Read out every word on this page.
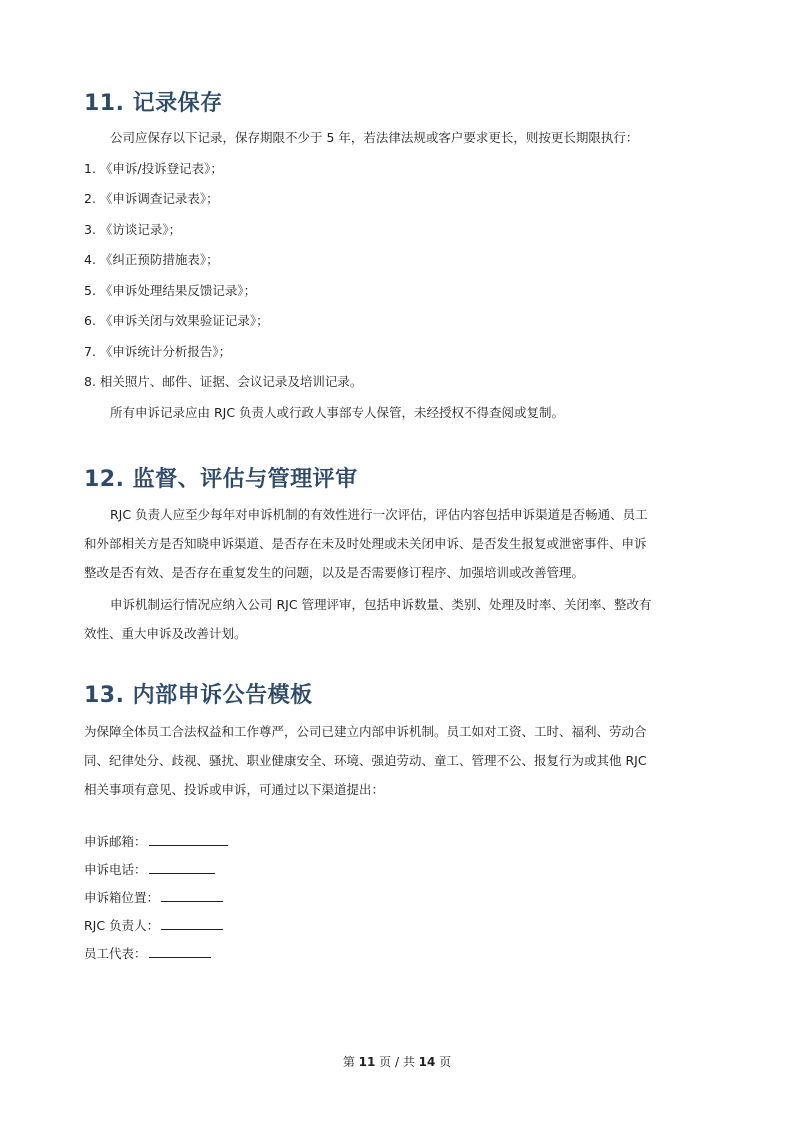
11. 记录保存

公司应保存以下记录，保存期限不少于 5 年，若法律法规或客户要求更长，则按更长期限执行：

1. 《申诉/投诉登记表》；

2. 《申诉调查记录表》；

3. 《访谈记录》；

4. 《纠正预防措施表》；

5. 《申诉处理结果反馈记录》；

6. 《申诉关闭与效果验证记录》；

7. 《申诉统计分析报告》；

8. 相关照片、邮件、证据、会议记录及培训记录。

所有申诉记录应由 RJC 负责人或行政人事部专人保管，未经授权不得查阅或复制。

12. 监督、评估与管理评审

RJC 负责人应至少每年对申诉机制的有效性进行一次评估，评估内容包括申诉渠道是否畅通、员工

和外部相关方是否知晓申诉渠道、是否存在未及时处理或未关闭申诉、是否发生报复或泄密事件、申诉

整改是否有效、是否存在重复发生的问题，以及是否需要修订程序、加强培训或改善管理。

申诉机制运行情况应纳入公司 RJC 管理评审，包括申诉数量、类别、处理及时率、关闭率、整改有

效性、重大申诉及改善计划。

13. 内部申诉公告模板

为保障全体员工合法权益和工作尊严，公司已建立内部申诉机制。员工如对工资、工时、福利、劳动合

同、纪律处分、歧视、骚扰、职业健康安全、环境、强迫劳动、童工、管理不公、报复行为或其他 RJC

相关事项有意见、投诉或申诉，可通过以下渠道提出：

申诉邮箱：

申诉电话：

申诉箱位置：

RJC 负责人：

员工代表：

第 11 页 / 共 14 页
